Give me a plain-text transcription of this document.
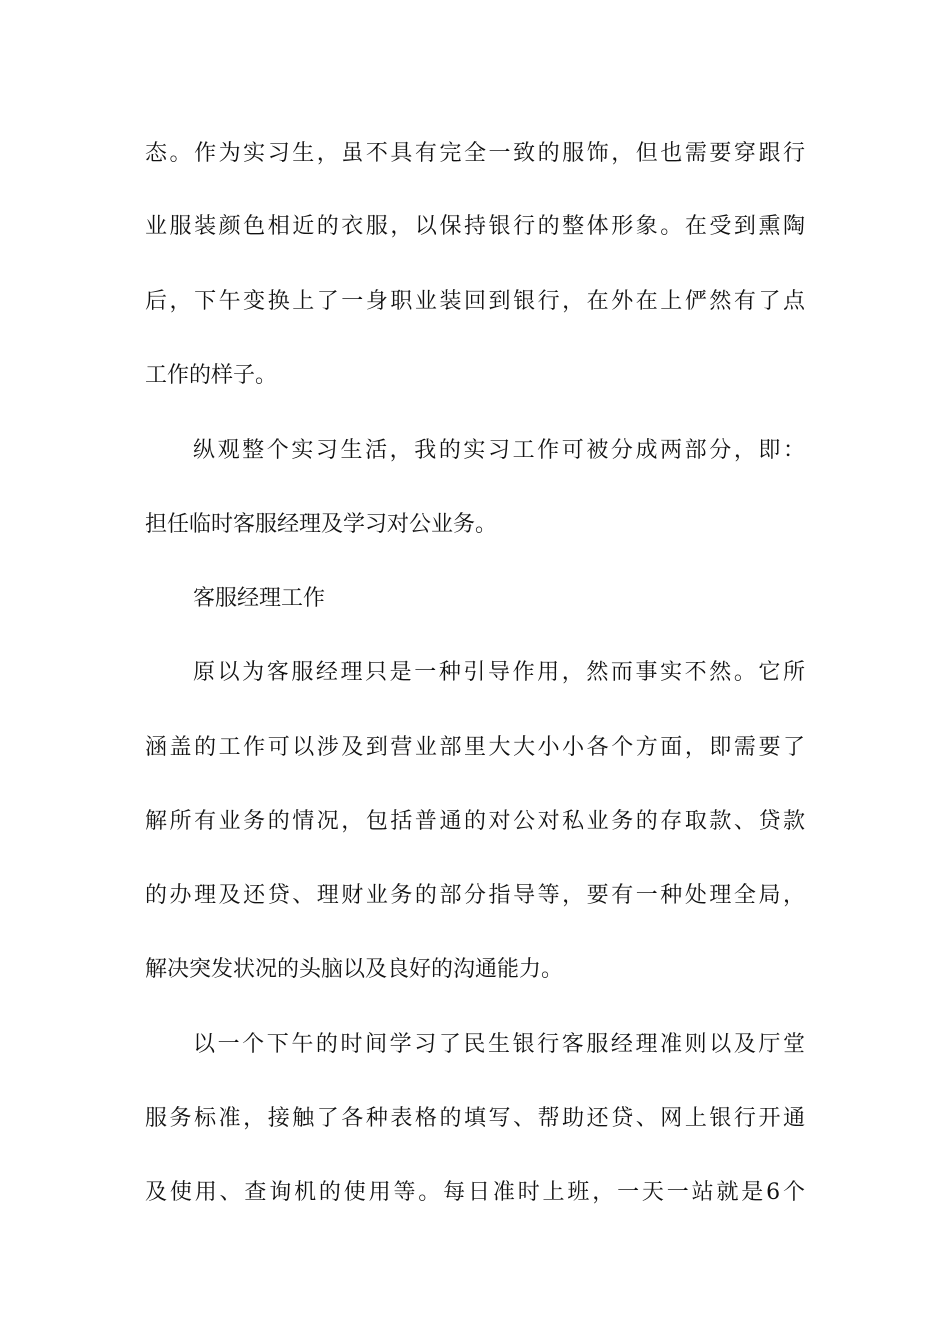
态。作为实习生，虽不具有完全一致的服饰，但也需要穿跟行
业服装颜色相近的衣服，以保持银行的整体形象。在受到熏陶
后，下午变换上了一身职业装回到银行，在外在上俨然有了点
工作的样子。
纵观整个实习生活，我的实习工作可被分成两部分，即：
担任临时客服经理及学习对公业务。
客服经理工作
原以为客服经理只是一种引导作用，然而事实不然。它所
涵盖的工作可以涉及到营业部里大大小小各个方面，即需要了
解所有业务的情况，包括普通的对公对私业务的存取款、贷款
的办理及还贷、理财业务的部分指导等，要有一种处理全局，
解决突发状况的头脑以及良好的沟通能力。
以一个下午的时间学习了民生银行客服经理准则以及厅堂
服务标准，接触了各种表格的填写、帮助还贷、网上银行开通
及使用、查询机的使用等。每日准时上班，一天一站就是6个
